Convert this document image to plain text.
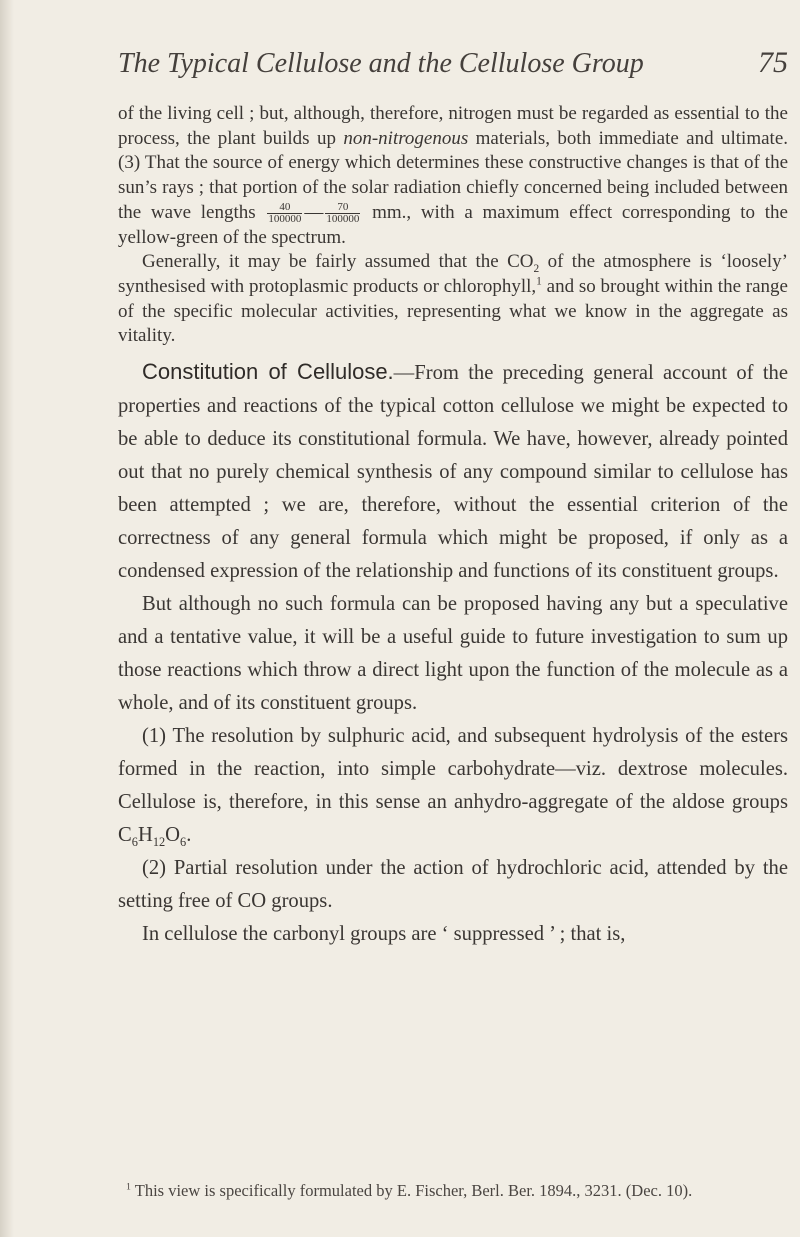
The Typical Cellulose and the Cellulose Group	75

of the living cell ; but, although, therefore, nitrogen must be regarded as essential to the process, the plant builds up non-nitrogenous materials, both immediate and ultimate. (3) That the source of energy which determines these constructive changes is that of the sun’s rays ; that portion of the solar radiation chiefly concerned being included between the wave lengths $\frac{40}{100000}$ — $\frac{70}{100000}$ mm., with a maximum effect corresponding to the yellow-green of the spectrum.

Generally, it may be fairly assumed that the $CO_2$ of the atmosphere is ‘loosely’ synthesised with protoplasmic products or chlorophyll,$^1$ and so brought within the range of the specific molecular activities, representing what we know in the aggregate as vitality.

Constitution of Cellulose.—From the preceding general account of the properties and reactions of the typical cotton cellulose we might be expected to be able to deduce its constitutional formula. We have, however, already pointed out that no purely chemical synthesis of any compound similar to cellulose has been attempted ; we are, therefore, without the essential criterion of the correctness of any general formula which might be proposed, if only as a condensed expression of the relationship and functions of its constituent groups.

But although no such formula can be proposed having any but a speculative and a tentative value, it will be a useful guide to future investigation to sum up those reactions which throw a direct light upon the function of the molecule as a whole, and of its constituent groups.

(1) The resolution by sulphuric acid, and subsequent hydrolysis of the esters formed in the reaction, into simple carbohydrate—viz. dextrose molecules. Cellulose is, therefore, in this sense an anhydro-aggregate of the aldose groups $C_6H_{12}O_6$.

(2) Partial resolution under the action of hydrochloric acid, attended by the setting free of CO groups.

In cellulose the carbonyl groups are ‘ suppressed ’ ; that is,

$^1$ This view is specifically formulated by E. Fischer, Berl. Ber. 1894., 3231. (Dec. 10).
